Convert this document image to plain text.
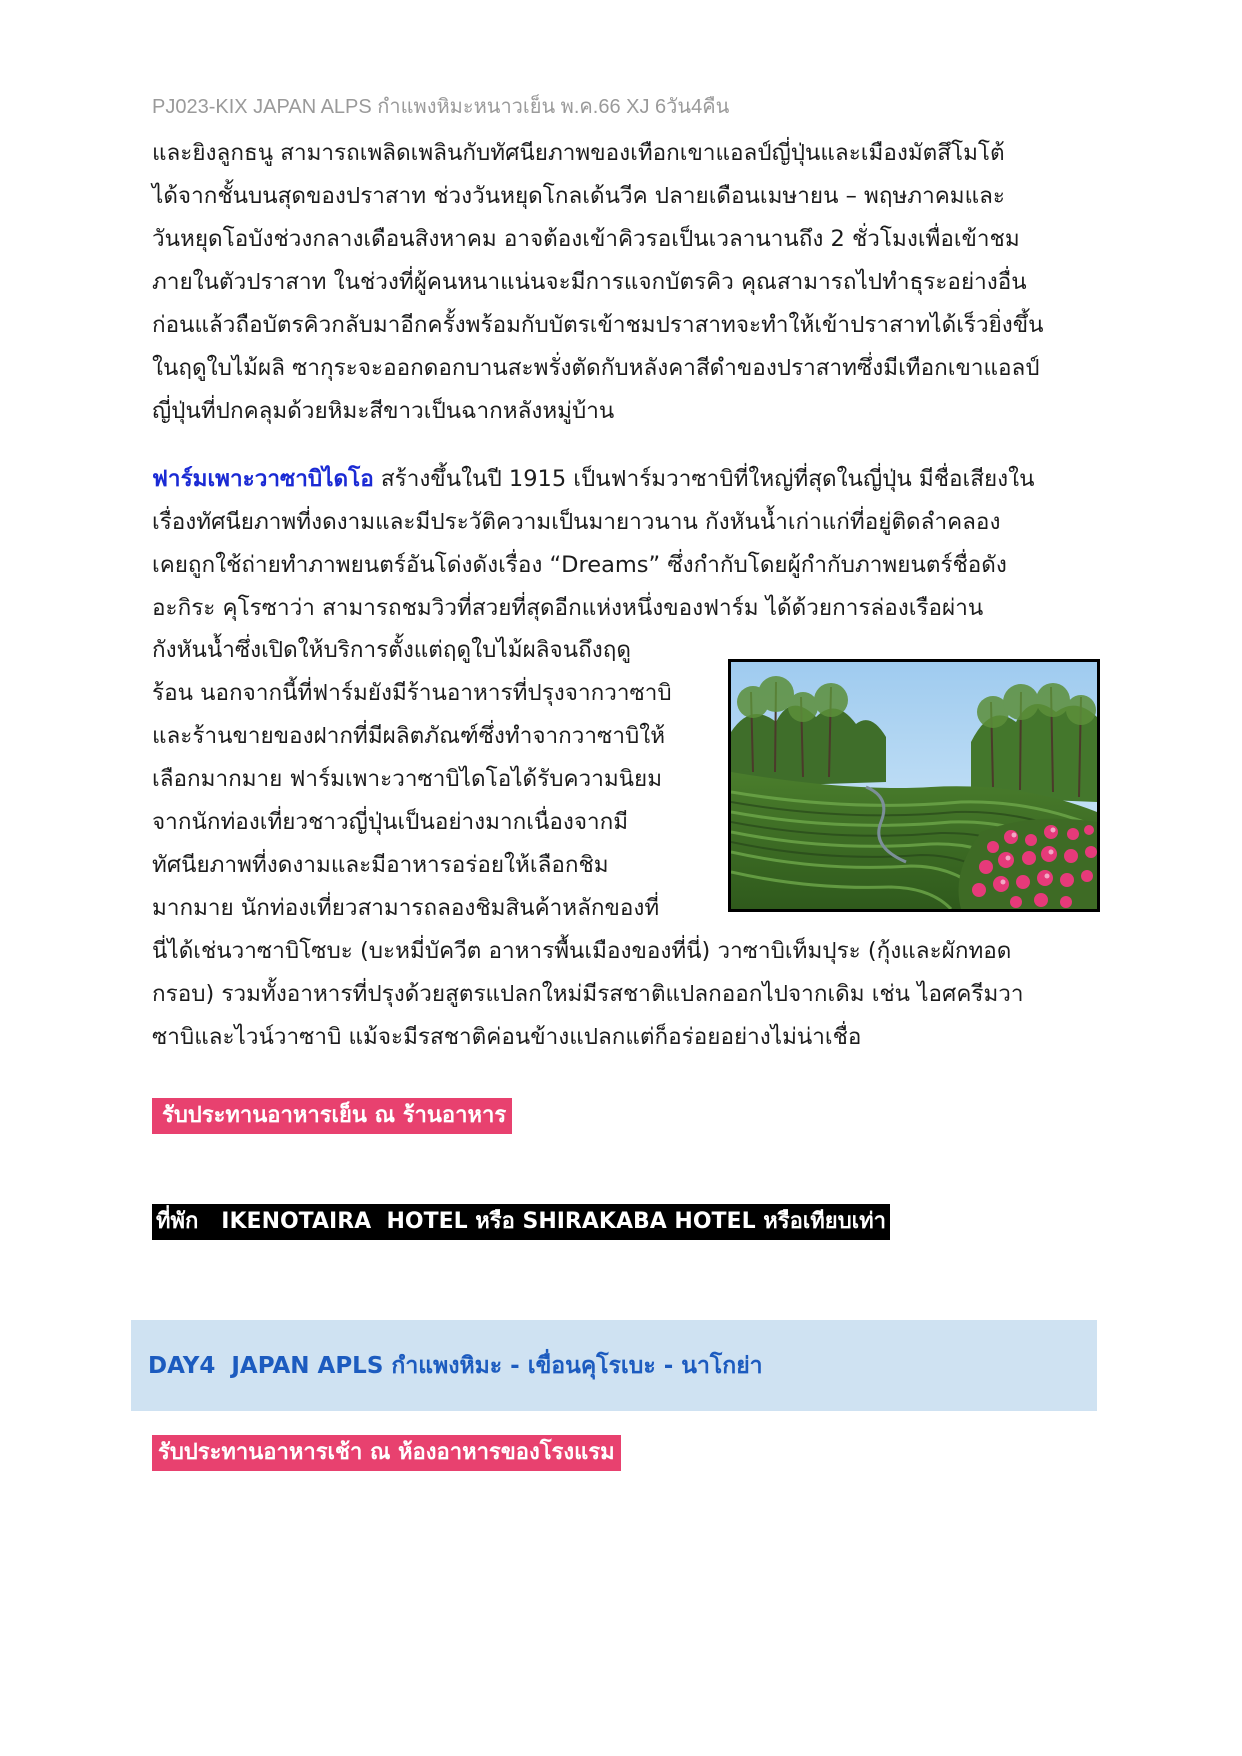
PJ023-KIX JAPAN ALPS กำแพงหิมะหนาวเย็น พ.ค.66 XJ 6วัน4คืน
และยิงลูกธนู สามารถเพลิดเพลินกับทัศนียภาพของเทือกเขาแอลป์ญี่ปุ่นและเมืองมัตสึโมโต้
ได้จากชั้นบนสุดของปราสาท ช่วงวันหยุดโกลเด้นวีค ปลายเดือนเมษายน – พฤษภาคมและ
วันหยุดโอบังช่วงกลางเดือนสิงหาคม อาจต้องเข้าคิวรอเป็นเวลานานถึง 2 ชั่วโมงเพื่อเข้าชม
ภายในตัวปราสาท ในช่วงที่ผู้คนหนาแน่นจะมีการแจกบัตรคิว คุณสามารถไปทำธุระอย่างอื่น
ก่อนแล้วถือบัตรคิวกลับมาอีกครั้งพร้อมกับบัตรเข้าชมปราสาทจะทำให้เข้าปราสาทได้เร็วยิ่งขึ้น
ในฤดูใบไม้ผลิ ซากุระจะออกดอกบานสะพรั่งตัดกับหลังคาสีดำของปราสาทซึ่งมีเทือกเขาแอลป์
ญี่ปุ่นที่ปกคลุมด้วยหิมะสีขาวเป็นฉากหลังหมู่บ้าน
ฟาร์มเพาะวาซาบิไดโอ สร้างขึ้นในปี 1915 เป็นฟาร์มวาซาบิที่ใหญ่ที่สุดในญี่ปุ่น มีชื่อเสียงใน
เรื่องทัศนียภาพที่งดงามและมีประวัติความเป็นมายาวนาน กังหันน้ำเก่าแก่ที่อยู่ติดลำคลอง
เคยถูกใช้ถ่ายทำภาพยนตร์อันโด่งดังเรื่อง “Dreams” ซึ่งกำกับโดยผู้กำกับภาพยนตร์ชื่อดัง
อะกิระ คุโรซาว่า สามารถชมวิวที่สวยที่สุดอีกแห่งหนึ่งของฟาร์ม ได้ด้วยการล่องเรือผ่าน
กังหันน้ำซึ่งเปิดให้บริการตั้งแต่ฤดูใบไม้ผลิจนถึงฤดู
ร้อน นอกจากนี้ที่ฟาร์มยังมีร้านอาหารที่ปรุงจากวาซาบิ
และร้านขายของฝากที่มีผลิตภัณฑ์ซึ่งทำจากวาซาบิให้
เลือกมากมาย ฟาร์มเพาะวาซาบิไดโอได้รับความนิยม
จากนักท่องเที่ยวชาวญี่ปุ่นเป็นอย่างมากเนื่องจากมี
ทัศนียภาพที่งดงามและมีอาหารอร่อยให้เลือกชิม
มากมาย นักท่องเที่ยวสามารถลองชิมสินค้าหลักของที่
นี่ได้เช่นวาซาบิโซบะ (บะหมี่บัควีต อาหารพื้นเมืองของที่นี่) วาซาบิเท็มปุระ (กุ้งและผักทอด
กรอบ) รวมทั้งอาหารที่ปรุงด้วยสูตรแปลกใหม่มีรสชาติแปลกออกไปจากเดิม เช่น ไอศครีมวา
ซาบิและไวน์วาซาบิ แม้จะมีรสชาติค่อนข้างแปลกแต่ก็อร่อยอย่างไม่น่าเชื่อ
รับประทานอาหารเย็น ณ ร้านอาหาร
ที่พัก   IKENOTAIRA  HOTEL หรือ SHIRAKABA HOTEL หรือเทียบเท่า
DAY4  JAPAN APLS กำแพงหิมะ - เขื่อนคุโรเบะ - นาโกย่า
รับประทานอาหารเช้า ณ ห้องอาหารของโรงแรม
